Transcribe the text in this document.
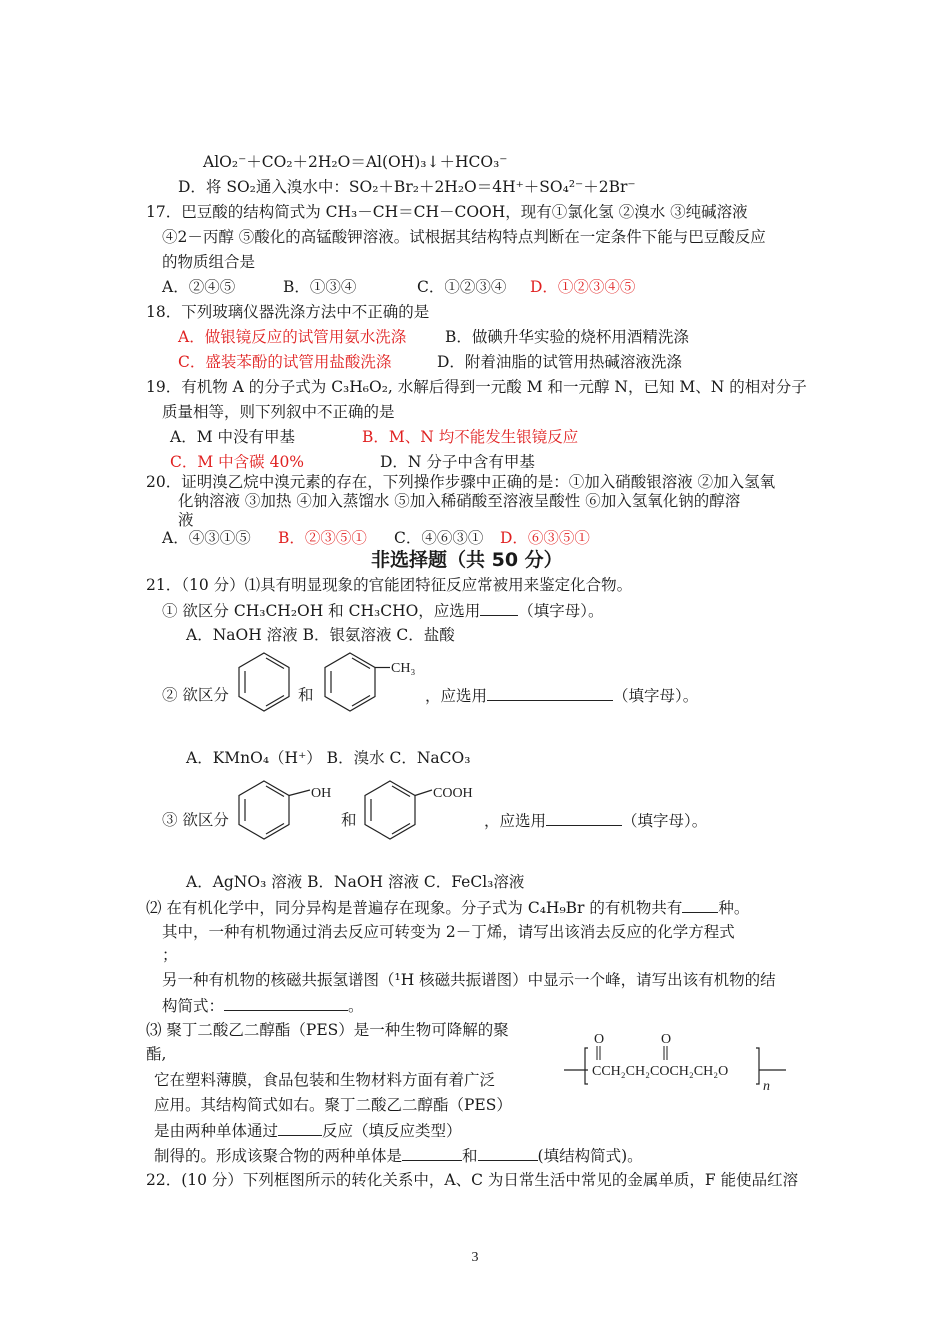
AlO₂⁻＋CO₂＋2H₂O＝Al(OH)₃↓＋HCO₃⁻
D．将 SO₂通入溴水中：SO₂＋Br₂＋2H₂O＝4H⁺＋SO₄²⁻＋2Br⁻
17．巴豆酸的结构简式为 CH₃－CH＝CH－COOH，现有①氯化氢 ②溴水 ③纯碱溶液
④2－丙醇 ⑤酸化的高锰酸钾溶液。试根据其结构特点判断在一定条件下能与巴豆酸反应
的物质组合是
A．②④⑤	B．①③④	C．①②③④ D．①②③④⑤
18．下列玻璃仪器洗涤方法中不正确的是
A．做银镜反应的试管用氨水洗涤	B．做碘升华实验的烧杯用酒精洗涤
C．盛装苯酚的试管用盐酸洗涤	D．附着油脂的试管用热碱溶液洗涤
19．有机物 A 的分子式为 C₃H₆O₂, 水解后得到一元酸 M 和一元醇 N，已知 M、N 的相对分子
质量相等，则下列叙中不正确的是
A．M 中没有甲基	B．M、N 均不能发生银镜反应
C．M 中含碳 40%	D．N 分子中含有甲基
20．证明溴乙烷中溴元素的存在，下列操作步骤中正确的是：①加入硝酸银溶液 ②加入氢氧
化钠溶液 ③加热 ④加入蒸馏水 ⑤加入稀硝酸至溶液呈酸性 ⑥加入氢氧化钠的醇溶
液
A．④③①⑤ B．②③⑤① C．④⑥③① D．⑥③⑤①
非选择题（共 50 分）
21．（10 分）⑴具有明显现象的官能团特征反应常被用来鉴定化合物。
① 欲区分 CH₃CH₂OH 和 CH₃CHO，应选用 （填字母）。
A．NaOH 溶液 B．银氨溶液 C．盐酸
② 欲区分	和
CH₃
，应选用	（填字母）。
A．KMnO₄（H⁺） B．溴水 C．NaCO₃
③ 欲区分
OH
和
COOH
，应选用	（填字母）。
A．AgNO₃ 溶液 B．NaOH 溶液 C．FeCl₃溶液
⑵ 在有机化学中，同分异构是普遍存在现象。分子式为 C₄H₉Br 的有机物共有 种。
其中，一种有机物通过消去反应可转变为 2－丁烯，请写出该消去反应的化学方程式
；
另一种有机物的核磁共振氢谱图（¹H 核磁共振谱图）中显示一个峰，请写出该有机物的结
构简式：	。
⑶ 聚丁二酸乙二醇酯（PES）是一种生物可降解的聚
酯,
它在塑料薄膜，食品包装和生物材料方面有着广泛
应用。其结构简式如右。聚丁二酸乙二醇酯（PES）
是由两种单体通过	反应（填反应类型）
制得的。形成该聚合物的两种单体是	和	(填结构简式)。
O	O
CCH₂CH₂COCH₂CH₂O
n
22．(10 分）下列框图所示的转化关系中，A、C 为日常生活中常见的金属单质，F 能使品红溶
3
